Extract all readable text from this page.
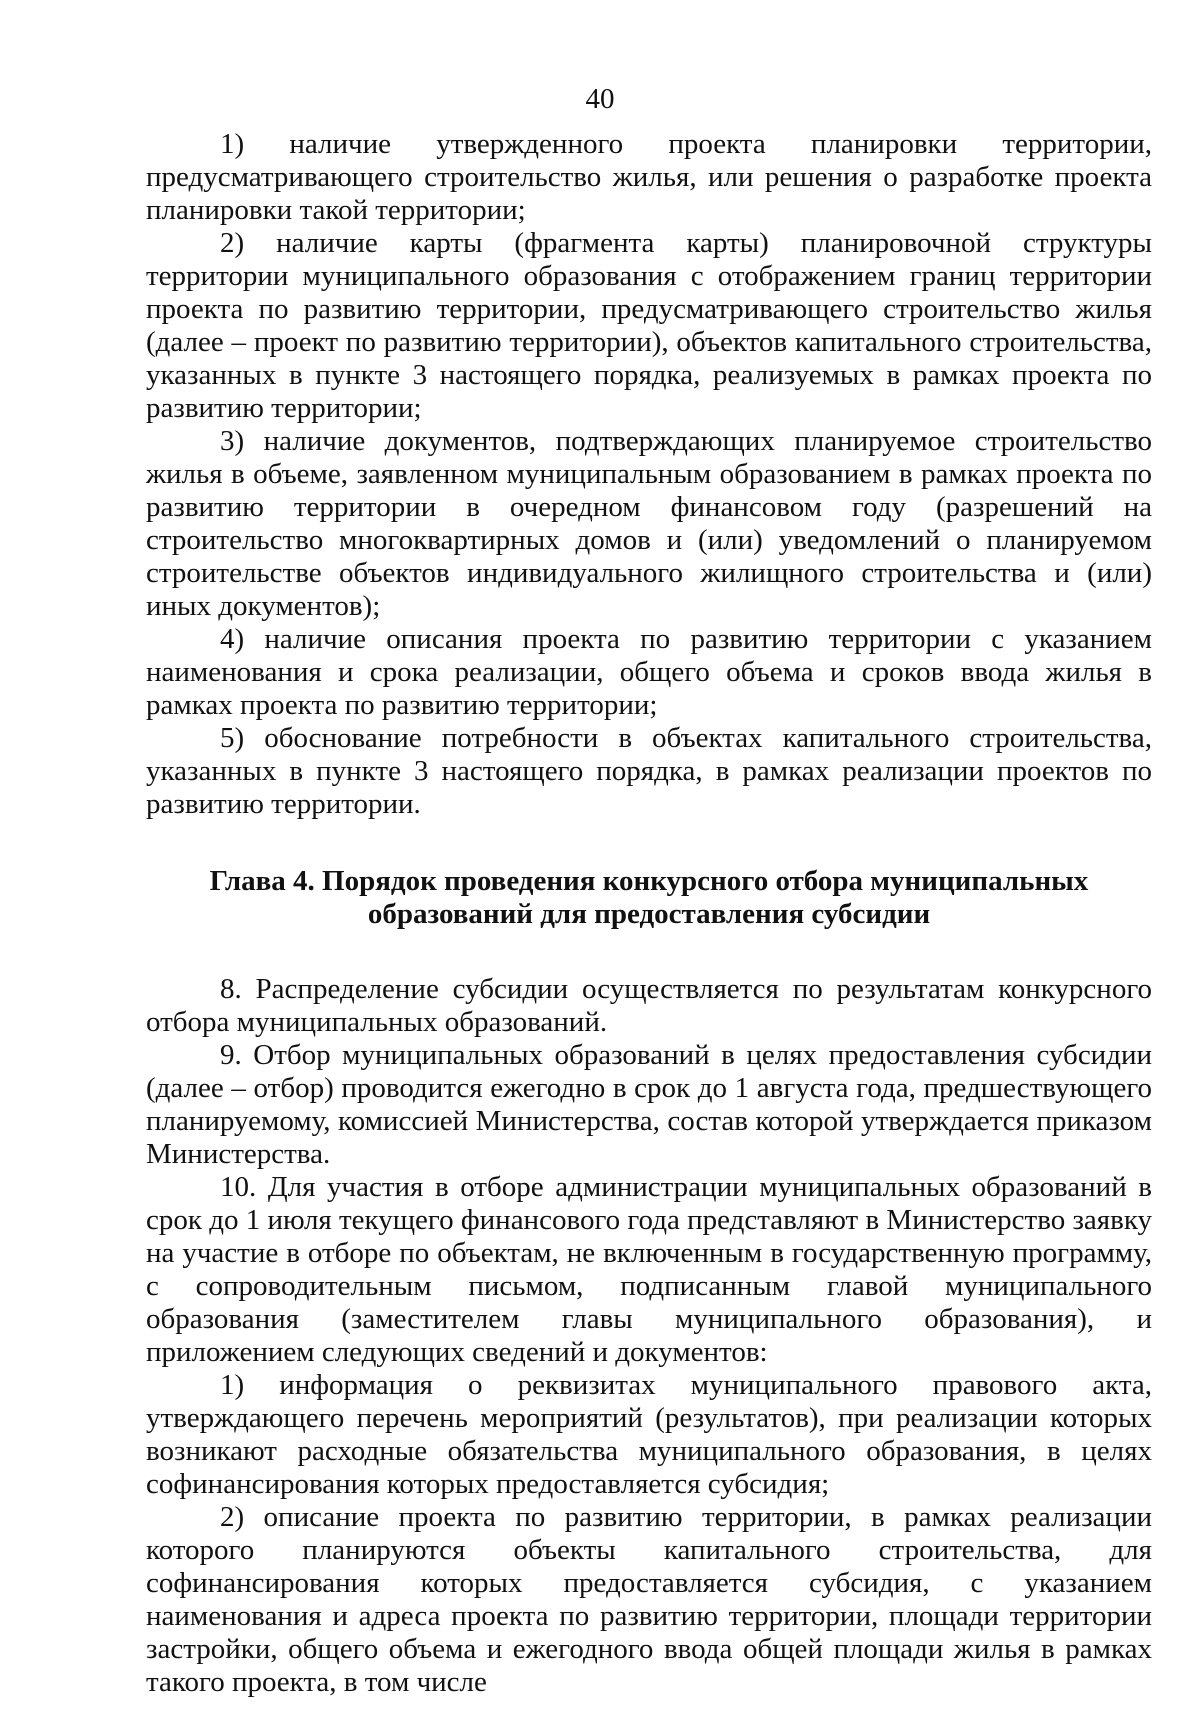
40

1) наличие утвержденного проекта планировки территории, предусматривающего строительство жилья, или решения о разработке проекта планировки такой территории;

2) наличие карты (фрагмента карты) планировочной структуры территории муниципального образования с отображением границ территории проекта по развитию территории, предусматривающего строительство жилья (далее – проект по развитию территории), объектов капитального строительства, указанных в пункте 3 настоящего порядка, реализуемых в рамках проекта по развитию территории;

3) наличие документов, подтверждающих планируемое строительство жилья в объеме, заявленном муниципальным образованием в рамках проекта по развитию территории в очередном финансовом году (разрешений на строительство многоквартирных домов и (или) уведомлений о планируемом строительстве объектов индивидуального жилищного строительства и (или) иных документов);

4) наличие описания проекта по развитию территории с указанием наименования и срока реализации, общего объема и сроков ввода жилья в рамках проекта по развитию территории;

5) обоснование потребности в объектах капитального строительства, указанных в пункте 3 настоящего порядка, в рамках реализации проектов по развитию территории.

Глава 4. Порядок проведения конкурсного отбора муниципальных
образований для предоставления субсидии

8. Распределение субсидии осуществляется по результатам конкурсного отбора муниципальных образований.

9. Отбор муниципальных образований в целях предоставления субсидии (далее – отбор) проводится ежегодно в срок до 1 августа года, предшествующего планируемому, комиссией Министерства, состав которой утверждается приказом Министерства.

10. Для участия в отборе администрации муниципальных образований в срок до 1 июля текущего финансового года представляют в Министерство заявку на участие в отборе по объектам, не включенным в государственную программу, с сопроводительным письмом, подписанным главой муниципального образования (заместителем главы муниципального образования), и приложением следующих сведений и документов:

1) информация о реквизитах муниципального правового акта, утверждающего перечень мероприятий (результатов), при реализации которых возникают расходные обязательства муниципального образования, в целях софинансирования которых предоставляется субсидия;

2) описание проекта по развитию территории, в рамках реализации которого планируются объекты капитального строительства, для софинансирования которых предоставляется субсидия, с указанием наименования и адреса проекта по развитию территории, площади территории застройки, общего объема и ежегодного ввода общей площади жилья в рамках такого проекта, в том числе
